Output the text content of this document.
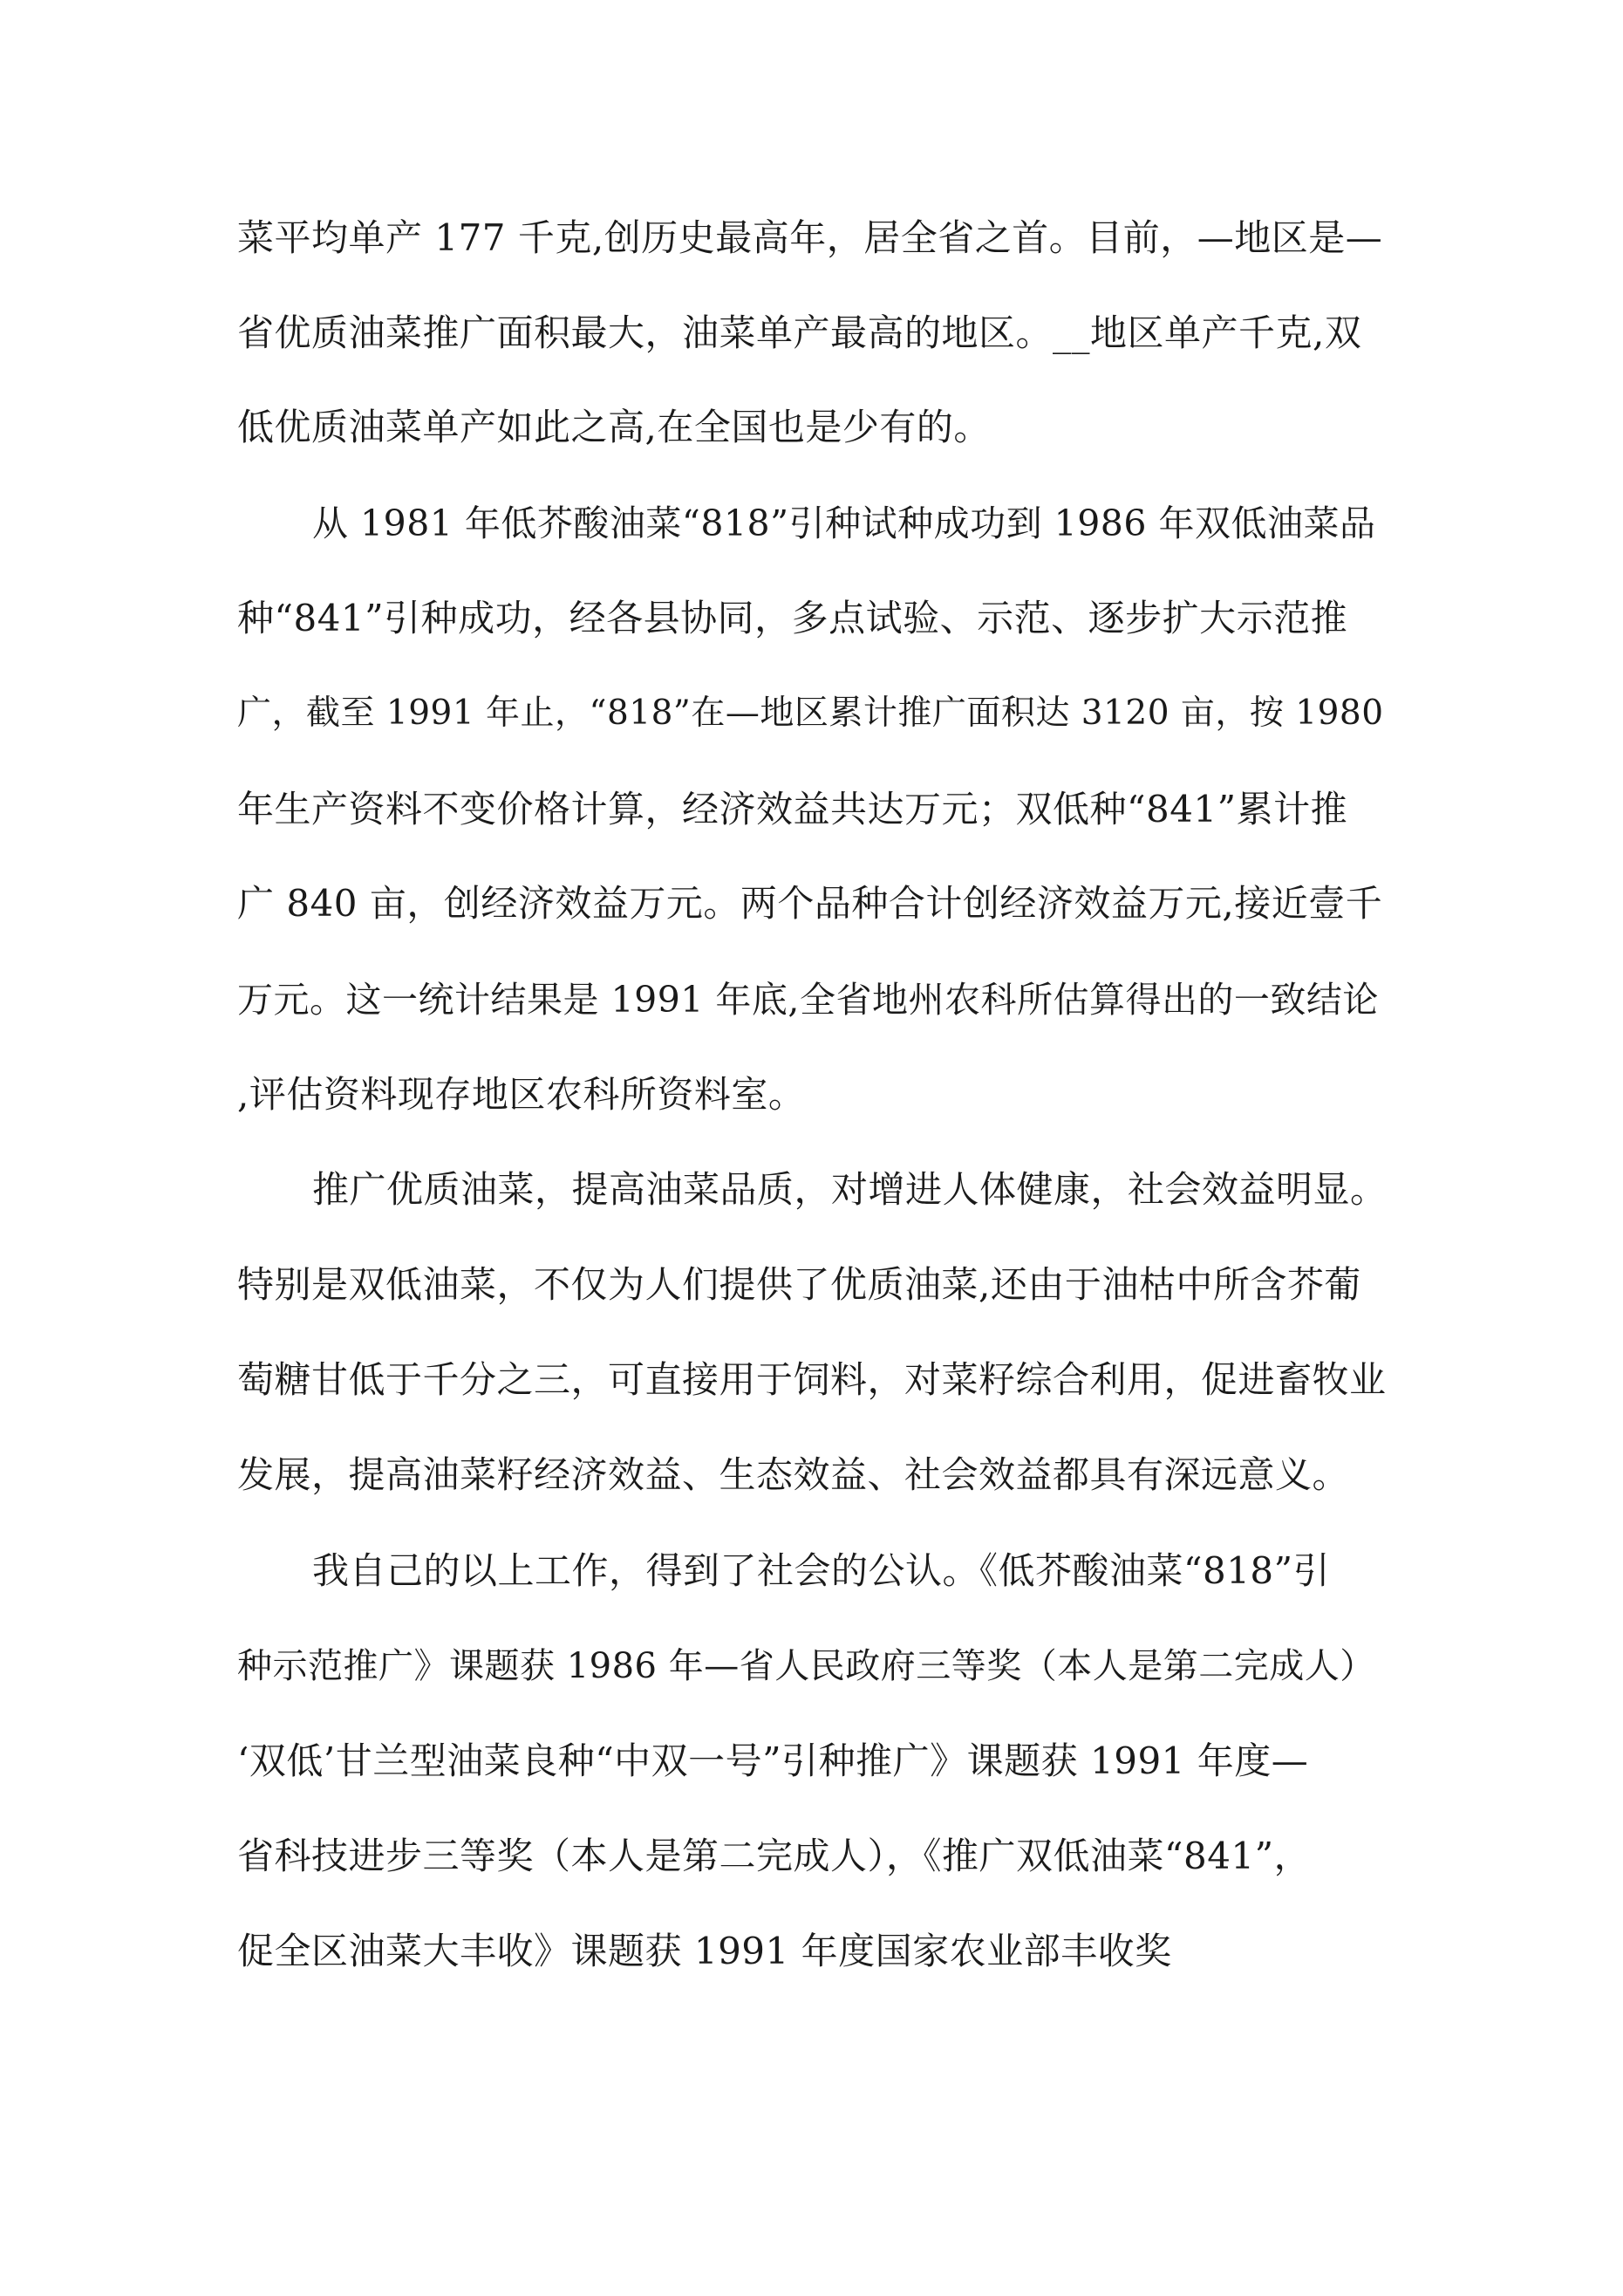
菜平均单产 177 千克,创历史最高年，居全省之首。目前，—地区是—
省优质油菜推广面积最大，油菜单产最高的地区。__地区单产千克,双
低优质油菜单产如此之高,在全国也是少有的。
从 1981 年低芥酸油菜“818”引种试种成功到 1986 年双低油菜品
种“841”引种成功，经各县协同，多点试验、示范、逐步扩大示范推
广，截至 1991 年止，“818”在—地区累计推广面积达 3120 亩，按 1980
年生产资料不变价格计算，经济效益共达万元；双低种“841”累计推
广 840 亩，创经济效益万元。两个品种合计创经济效益万元,接近壹千
万元。这一统计结果是 1991 年底,全省地州农科所估算得出的一致结论
,评估资料现存地区农科所资料室。
推广优质油菜，提高油菜品质，对增进人体健康，社会效益明显。
特别是双低油菜，不仅为人们提供了优质油菜,还由于油枯中所含芥葡
萄糖甘低于千分之三，可直接用于饲料，对菜籽综合利用，促进畜牧业
发展，提高油菜籽经济效益、生态效益、社会效益都具有深远意义。
我自己的以上工作，得到了社会的公认。《低芥酸油菜“818”引
种示范推广》课题获 1986 年—省人民政府三等奖（本人是第二完成人）
‘双低’甘兰型油菜良种“中双一号”引种推广》课题获 1991 年度—
省科技进步三等奖（本人是第二完成人），《推广双低油菜“841”，
促全区油菜大丰收》课题获 1991 年度国家农业部丰收奖
